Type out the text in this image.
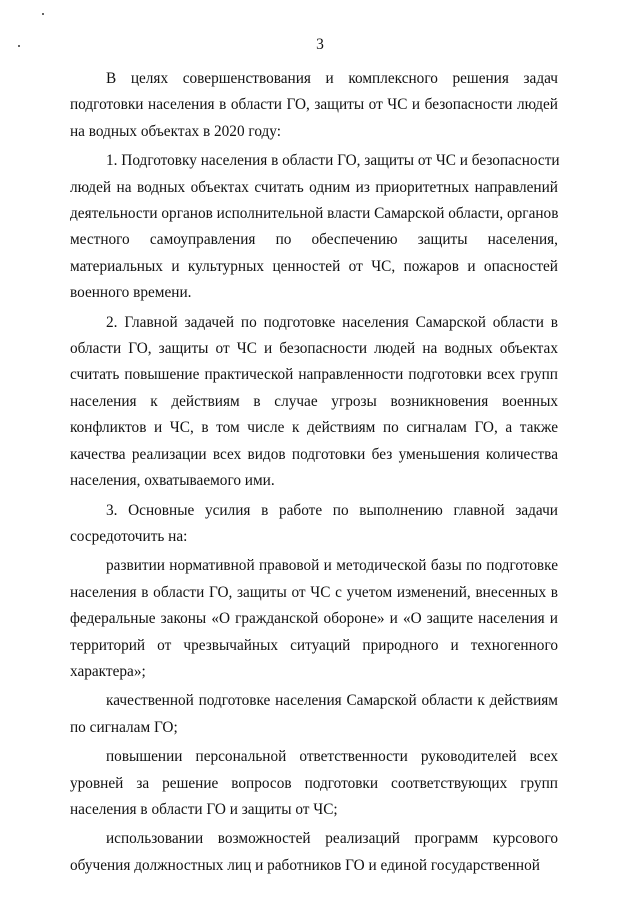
3

В целях совершенствования и комплексного решения задач
подготовки населения в области ГО, защиты от ЧС и безопасности людей
на водных объектах в 2020 году:

1. Подготовку населения в области ГО, защиты от ЧС и безопасности
людей на водных объектах считать одним из приоритетных направлений
деятельности органов исполнительной власти Самарской области, органов
местного самоуправления по обеспечению защиты населения,
материальных и культурных ценностей от ЧС, пожаров и опасностей
военного времени.

2. Главной задачей по подготовке населения Самарской области в
области ГО, защиты от ЧС и безопасности людей на водных объектах
считать повышение практической направленности подготовки всех групп
населения к действиям в случае угрозы возникновения военных
конфликтов и ЧС, в том числе к действиям по сигналам ГО, а также
качества реализации всех видов подготовки без уменьшения количества
населения, охватываемого ими.

3. Основные усилия в работе по выполнению главной задачи
сосредоточить на:

развитии нормативной правовой и методической базы по подготовке
населения в области ГО, защиты от ЧС с учетом изменений, внесенных в
федеральные законы «О гражданской обороне» и «О защите населения и
территорий от чрезвычайных ситуаций природного и техногенного
характера»;

качественной подготовке населения Самарской области к действиям
по сигналам ГО;

повышении персональной ответственности руководителей всех
уровней за решение вопросов подготовки соответствующих групп
населения в области ГО и защиты от ЧС;

использовании возможностей реализаций программ курсового
обучения должностных лиц и работников ГО и единой государственной
